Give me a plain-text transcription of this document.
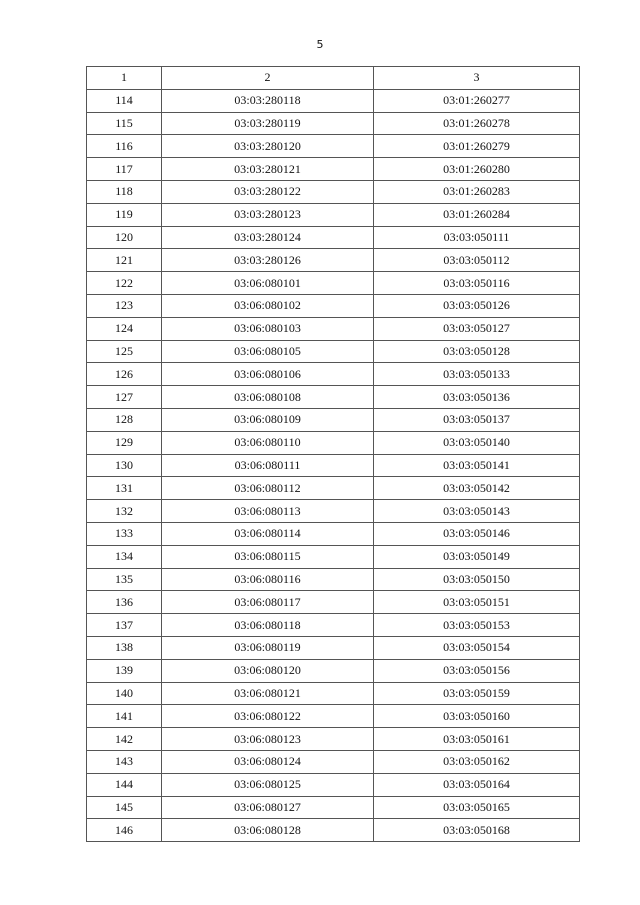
5
1	2	3
114	03:03:280118	03:01:260277
115	03:03:280119	03:01:260278
116	03:03:280120	03:01:260279
117	03:03:280121	03:01:260280
118	03:03:280122	03:01:260283
119	03:03:280123	03:01:260284
120	03:03:280124	03:03:050111
121	03:03:280126	03:03:050112
122	03:06:080101	03:03:050116
123	03:06:080102	03:03:050126
124	03:06:080103	03:03:050127
125	03:06:080105	03:03:050128
126	03:06:080106	03:03:050133
127	03:06:080108	03:03:050136
128	03:06:080109	03:03:050137
129	03:06:080110	03:03:050140
130	03:06:080111	03:03:050141
131	03:06:080112	03:03:050142
132	03:06:080113	03:03:050143
133	03:06:080114	03:03:050146
134	03:06:080115	03:03:050149
135	03:06:080116	03:03:050150
136	03:06:080117	03:03:050151
137	03:06:080118	03:03:050153
138	03:06:080119	03:03:050154
139	03:06:080120	03:03:050156
140	03:06:080121	03:03:050159
141	03:06:080122	03:03:050160
142	03:06:080123	03:03:050161
143	03:06:080124	03:03:050162
144	03:06:080125	03:03:050164
145	03:06:080127	03:03:050165
146	03:06:080128	03:03:050168
